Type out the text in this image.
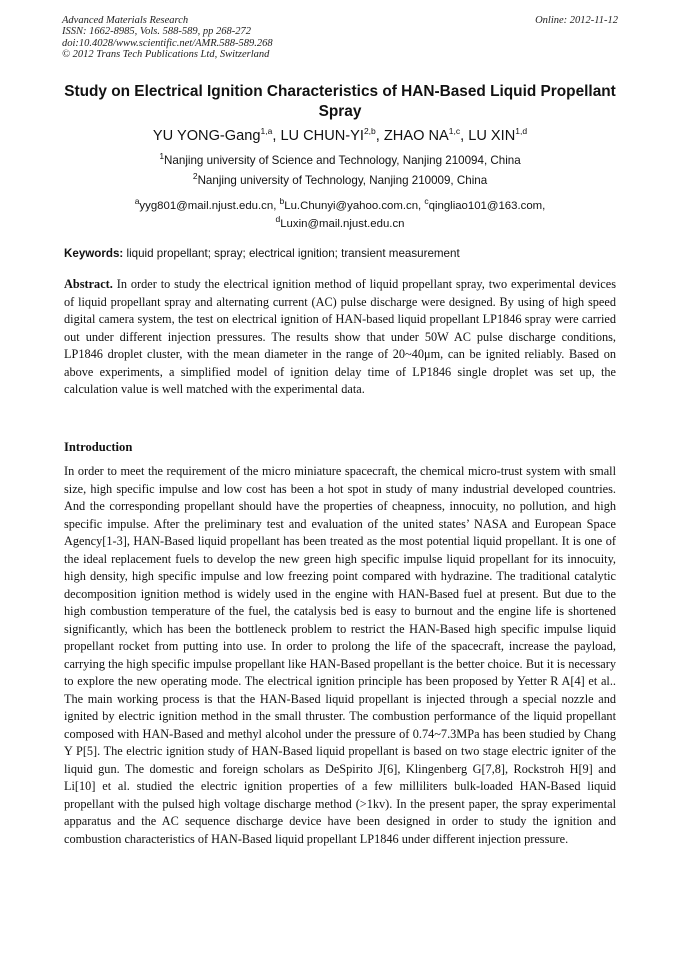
Advanced Materials Research
ISSN: 1662-8985, Vols. 588-589, pp 268-272
doi:10.4028/www.scientific.net/AMR.588-589.268
© 2012 Trans Tech Publications Ltd, Switzerland
Online: 2012-11-12
Study on Electrical Ignition Characteristics of HAN-Based Liquid Propellant Spray
YU YONG-Gang$^{1,a}$, LU CHUN-YI$^{2,b}$, ZHAO NA$^{1,c}$, LU XIN$^{1,d}$
$^1$Nanjing university of Science and Technology, Nanjing 210094, China
$^2$Nanjing university of Technology, Nanjing 210009, China
$^a$yyg801@mail.njust.edu.cn, $^b$Lu.Chunyi@yahoo.com.cn, $^c$qingliao101@163.com,
$^d$Luxin@mail.njust.edu.cn
Keywords: liquid propellant; spray; electrical ignition; transient measurement
Abstract. In order to study the electrical ignition method of liquid propellant spray, two experimental devices of liquid propellant spray and alternating current (AC) pulse discharge were designed. By using of high speed digital camera system, the test on electrical ignition of HAN-based liquid propellant LP1846 spray were carried out under different injection pressures. The results show that under 50W AC pulse discharge conditions, LP1846 droplet cluster, with the mean diameter in the range of 20~40μm, can be ignited reliably. Based on above experiments, a simplified model of ignition delay time of LP1846 single droplet was set up, the calculation value is well matched with the experimental data.
Introduction
In order to meet the requirement of the micro miniature spacecraft, the chemical micro-trust system with small size, high specific impulse and low cost has been a hot spot in study of many industrial developed countries. And the corresponding propellant should have the properties of cheapness, innocuity, no pollution, and high specific impulse. After the preliminary test and evaluation of the united states’ NASA and European Space Agency[1-3], HAN-Based liquid propellant has been treated as the most potential liquid propellant. It is one of the ideal replacement fuels to develop the new green high specific impulse liquid propellant for its innocuity, high density, high specific impulse and low freezing point compared with hydrazine. The traditional catalytic decomposition ignition method is widely used in the engine with HAN-Based fuel at present. But due to the high combustion temperature of the fuel, the catalysis bed is easy to burnout and the engine life is shortened significantly, which has been the bottleneck problem to restrict the HAN-Based high specific impulse liquid propellant rocket from putting into use. In order to prolong the life of the spacecraft, increase the payload, carrying the high specific impulse propellant like HAN-Based propellant is the better choice. But it is necessary to explore the new operating mode. The electrical ignition principle has been proposed by Yetter R A[4] et al.. The main working process is that the HAN-Based liquid propellant is injected through a special nozzle and ignited by electric ignition method in the small thruster. The combustion performance of the liquid propellant composed with HAN-Based and methyl alcohol under the pressure of 0.74~7.3MPa has been studied by Chang Y P[5]. The electric ignition study of HAN-Based liquid propellant is based on two stage electric igniter of the liquid gun. The domestic and foreign scholars as DeSpirito J[6], Klingenberg G[7,8], Rockstroh H[9] and Li[10] et al. studied the electric ignition properties of a few milliliters bulk-loaded HAN-Based liquid propellant with the pulsed high voltage discharge method (>1kv). In the present paper, the spray experimental apparatus and the AC sequence discharge device have been designed in order to study the ignition and combustion characteristics of HAN-Based liquid propellant LP1846 under different injection pressure.
